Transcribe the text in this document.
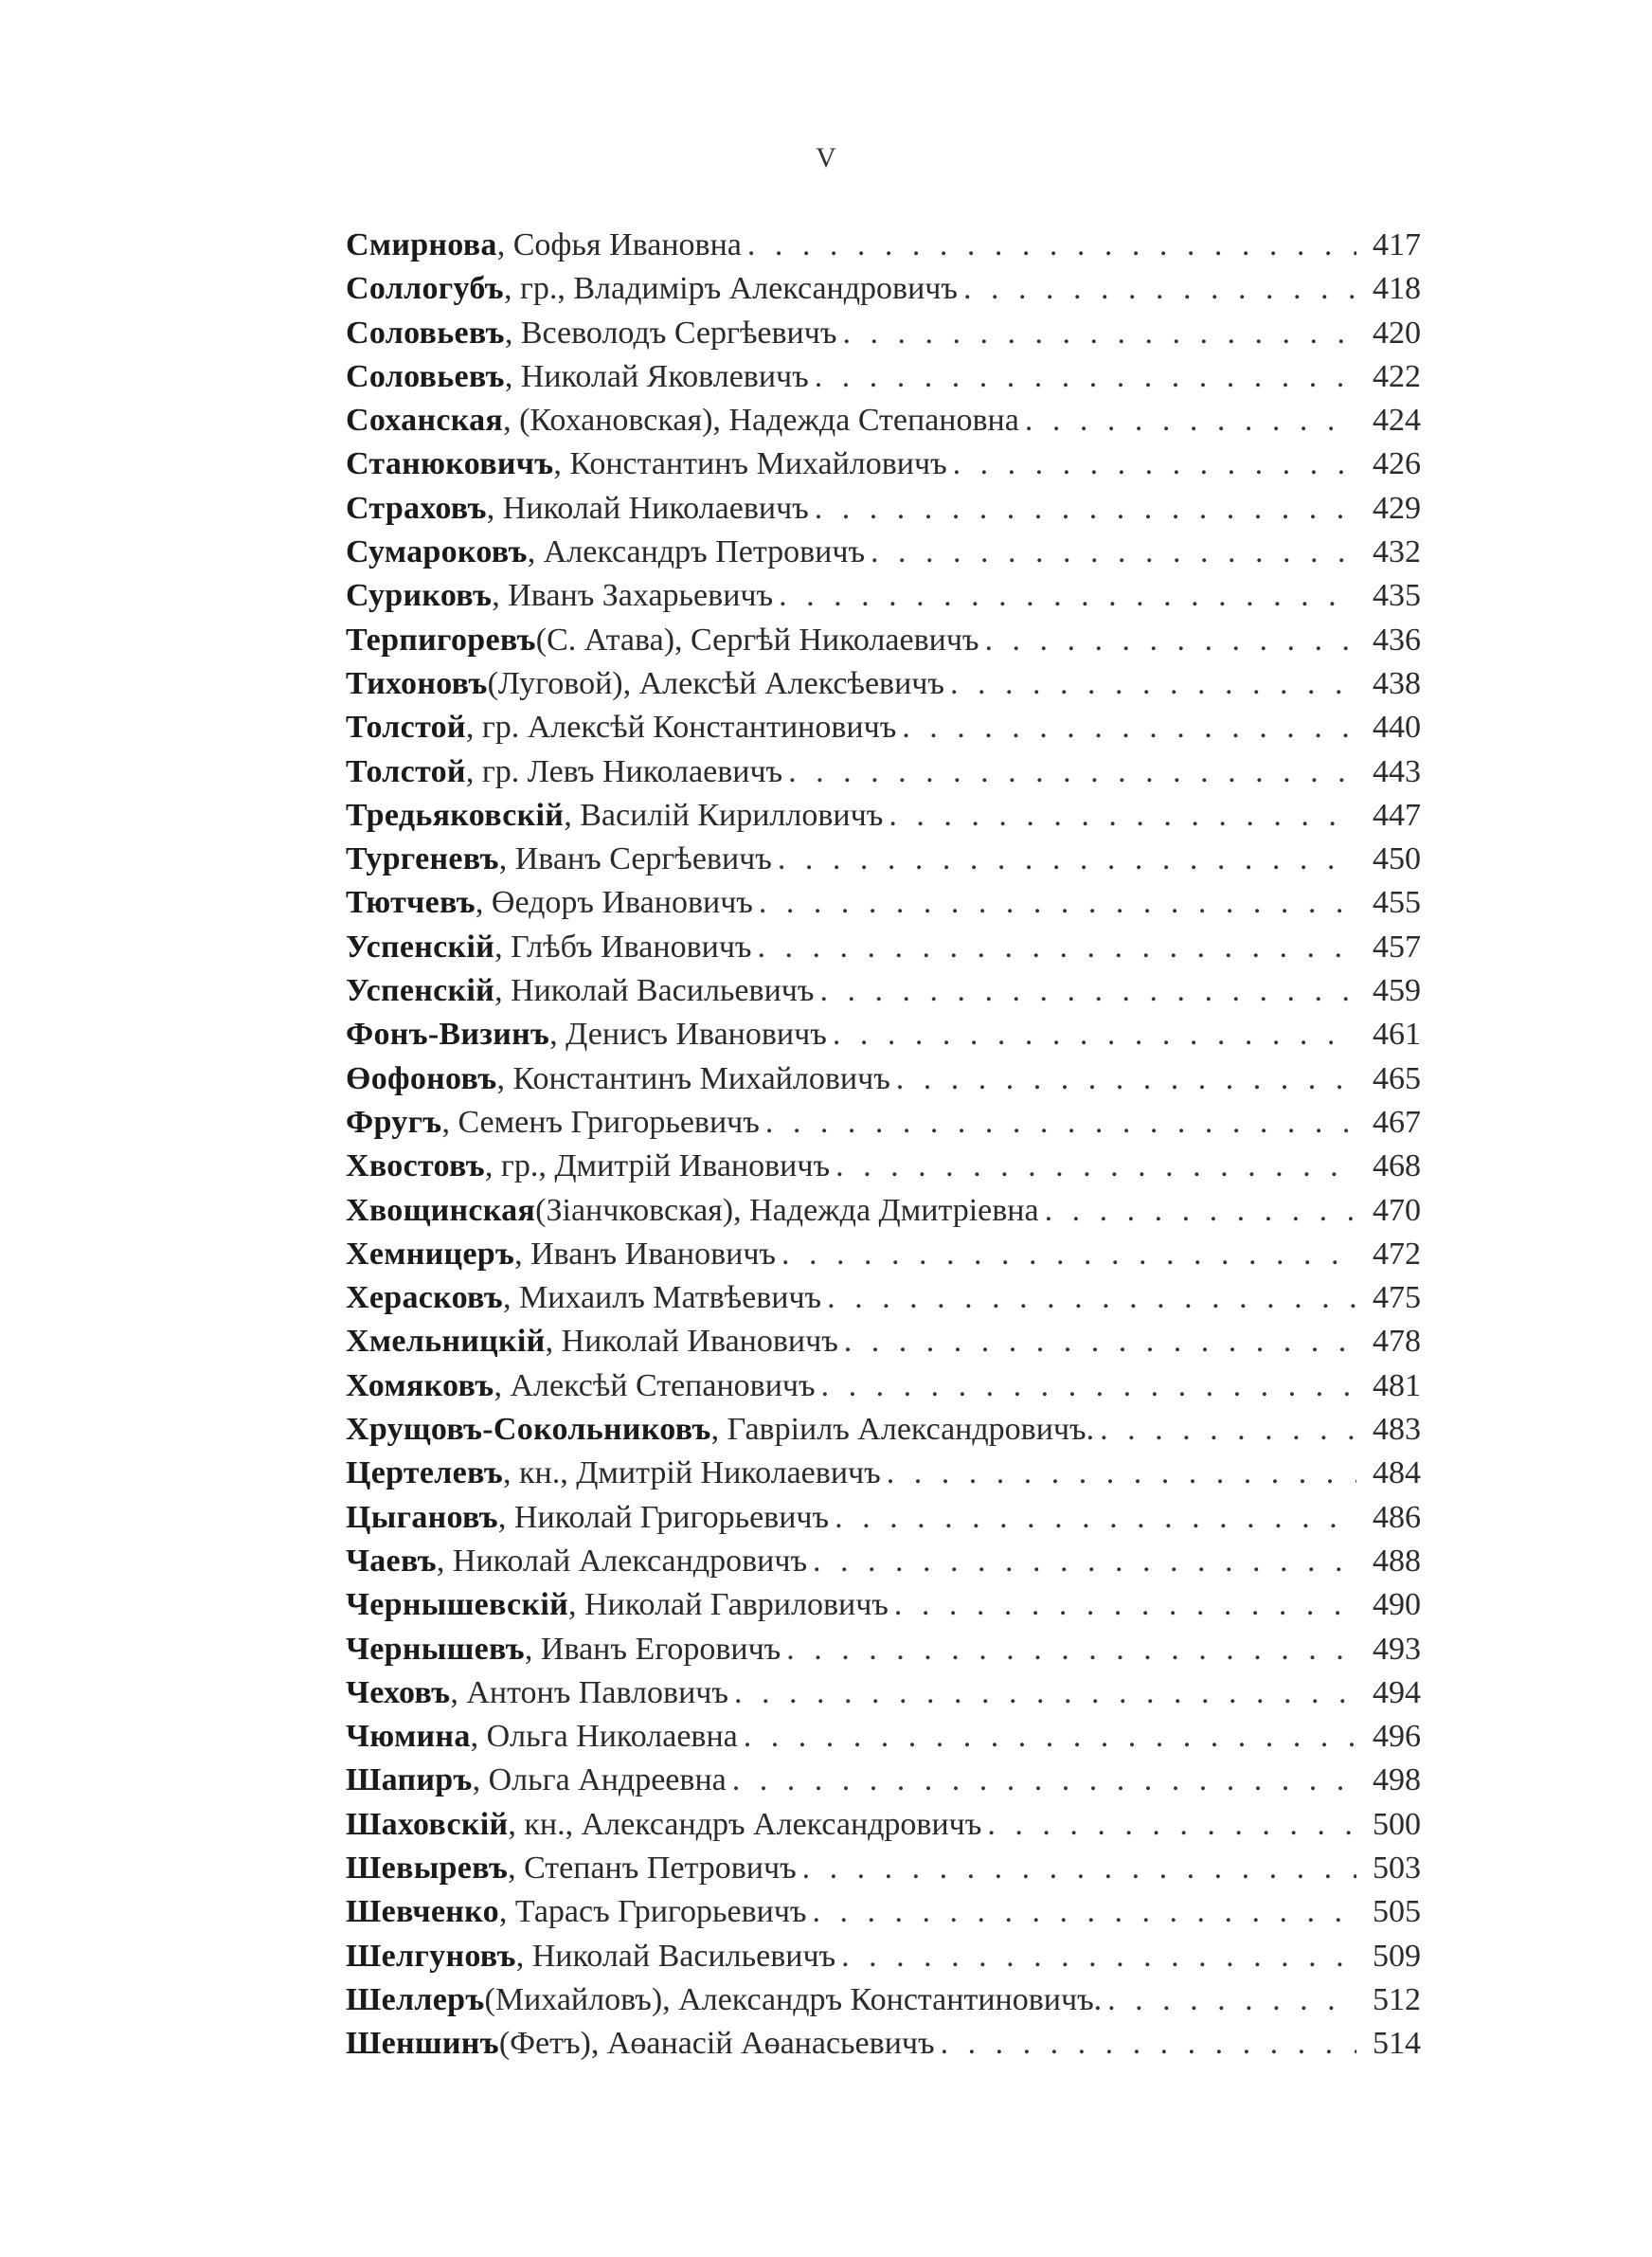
V
Смирнова , Софья Ивановна . . .	417
Соллогубъ , гр., Владиміръ Александровичъ . . .	418
Соловьевъ , Всеволодъ Сергѣевичъ . . .	420
Соловьевъ , Николай Яковлевичъ . . .	422
Соханская , (Кохановская), Надежда Степановна . . .	424
Станюковичъ , Константинъ Михайловичъ . . .	426
Страховъ , Николай Николаевичъ . . .	429
Сумароковъ , Александръ Петровичъ . . .	432
Суриковъ , Иванъ Захарьевичъ . . .	435
Терпигоревъ (С. Атава), Сергѣй Николаевичъ . . .	436
Тихоновъ (Луговой), Алексѣй Алексѣевичъ . . .	438
Толстой , гр. Алексѣй Константиновичъ . . .	440
Толстой , гр. Левъ Николаевичъ . . .	443
Тредьяковскій , Василій Кирилловичъ . . .	447
Тургеневъ , Иванъ Сергѣевичъ . . .	450
Тютчевъ , Өедоръ Ивановичъ . . .	455
Успенскій , Глѣбъ Ивановичъ . . .	457
Успенскій , Николай Васильевичъ . . .	459
Фонъ-Визинъ , Денисъ Ивановичъ . . .	461
Өофоновъ , Константинъ Михайловичъ . . .	465
Фругъ , Семенъ Григорьевичъ . . .	467
Хвостовъ , гр., Дмитрій Ивановичъ . . .	468
Хвощинская (Зіанчковская), Надежда Дмитріевна . . .	470
Хемницеръ , Иванъ Ивановичъ . . .	472
Херасковъ , Михаилъ Матвѣевичъ . . .	475
Хмельницкій , Николай Ивановичъ . . .	478
Хомяковъ , Алексѣй Степановичъ . . .	481
Хрущовъ-Сокольниковъ , Гавріилъ Александровичъ. . . .	483
Цертелевъ , кн., Дмитрій Николаевичъ . . .	484
Цыгановъ , Николай Григорьевичъ . . .	486
Чаевъ , Николай Александровичъ . . .	488
Чернышевскій , Николай Гавриловичъ . . .	490
Чернышевъ , Иванъ Егоровичъ . . .	493
Чеховъ , Антонъ Павловичъ . . .	494
Чюмина , Ольга Николаевна . . .	496
Шапиръ , Ольга Андреевна . . .	498
Шаховскій , кн., Александръ Александровичъ . . .	500
Шевыревъ , Степанъ Петровичъ . . .	503
Шевченко , Тарасъ Григорьевичъ . . .	505
Шелгуновъ , Николай Васильевичъ . . .	509
Шеллеръ (Михайловъ), Александръ Константиновичъ. . . .	512
Шеншинъ (Фетъ), Аөанасій Аөанасьевичъ . . .	514
